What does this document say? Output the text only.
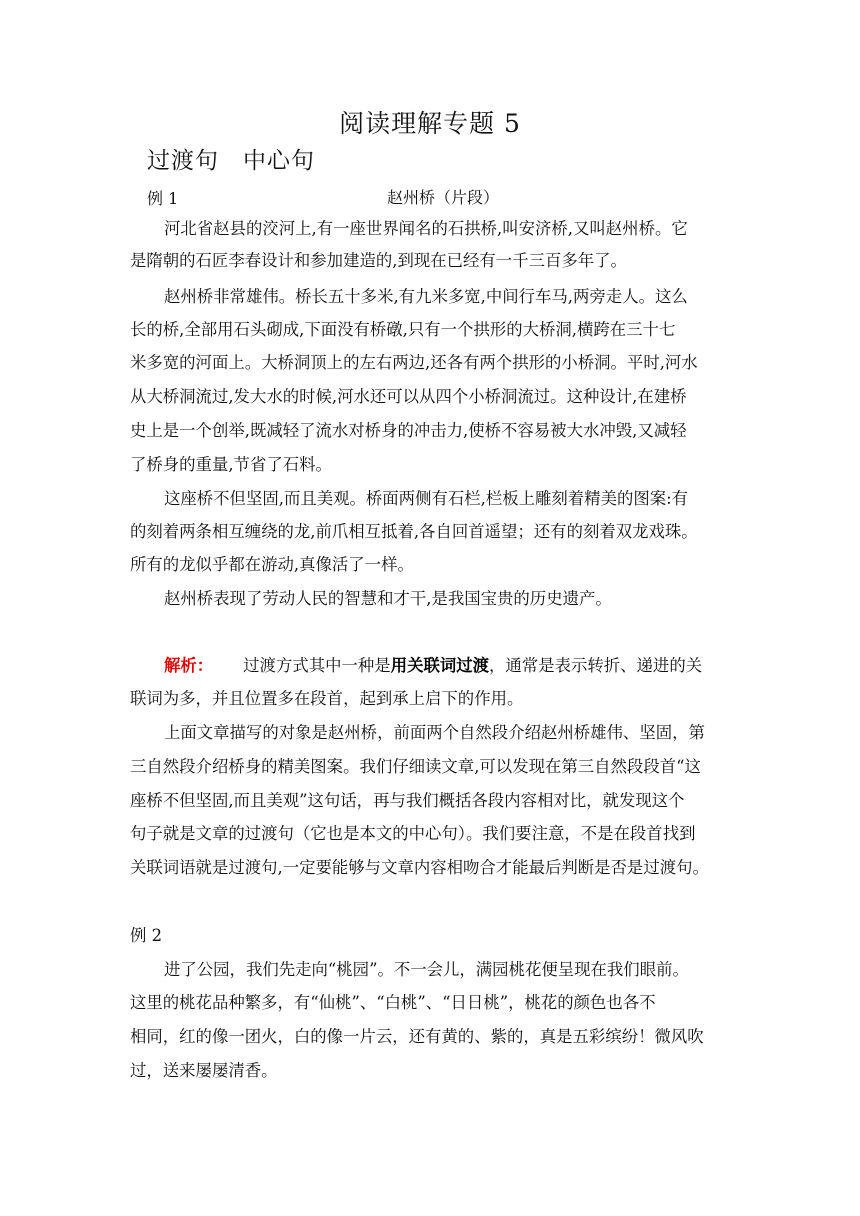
阅读理解专题 5
过渡句　中心句
例 1	赵州桥（片段）
河北省赵县的洨河上,有一座世界闻名的石拱桥,叫安济桥,又叫赵州桥。它
是隋朝的石匠李春设计和参加建造的,到现在已经有一千三百多年了。
赵州桥非常雄伟。桥长五十多米,有九米多宽,中间行车马,两旁走人。这么
长的桥,全部用石头砌成,下面没有桥礅,只有一个拱形的大桥洞,横跨在三十七
米多宽的河面上。大桥洞顶上的左右两边,还各有两个拱形的小桥洞。平时,河水
从大桥洞流过,发大水的时候,河水还可以从四个小桥洞流过。这种设计,在建桥
史上是一个创举,既减轻了流水对桥身的冲击力,使桥不容易被大水冲毁,又减轻
了桥身的重量,节省了石料。
这座桥不但坚固,而且美观。桥面两侧有石栏,栏板上雕刻着精美的图案:有
的刻着两条相互缠绕的龙,前爪相互抵着,各自回首遥望；还有的刻着双龙戏珠。
所有的龙似乎都在游动,真像活了一样。
赵州桥表现了劳动人民的智慧和才干,是我国宝贵的历史遗产。
解析： 过渡方式其中一种是用关联词过渡，通常是表示转折、递进的关
联词为多，并且位置多在段首，起到承上启下的作用。
上面文章描写的对象是赵州桥，前面两个自然段介绍赵州桥雄伟、坚固，第
三自然段介绍桥身的精美图案。我们仔细读文章,可以发现在第三自然段段首“这
座桥不但坚固,而且美观”这句话，再与我们概括各段内容相对比，就发现这个
句子就是文章的过渡句（它也是本文的中心句）。我们要注意，不是在段首找到
关联词语就是过渡句,一定要能够与文章内容相吻合才能最后判断是否是过渡句。
例 2
进了公园，我们先走向“桃园”。不一会儿，满园桃花便呈现在我们眼前。
这里的桃花品种繁多，有“仙桃”、“白桃”、“日日桃”，桃花的颜色也各不
相同，红的像一团火，白的像一片云，还有黄的、紫的，真是五彩缤纷！微风吹
过，送来屡屡清香。
